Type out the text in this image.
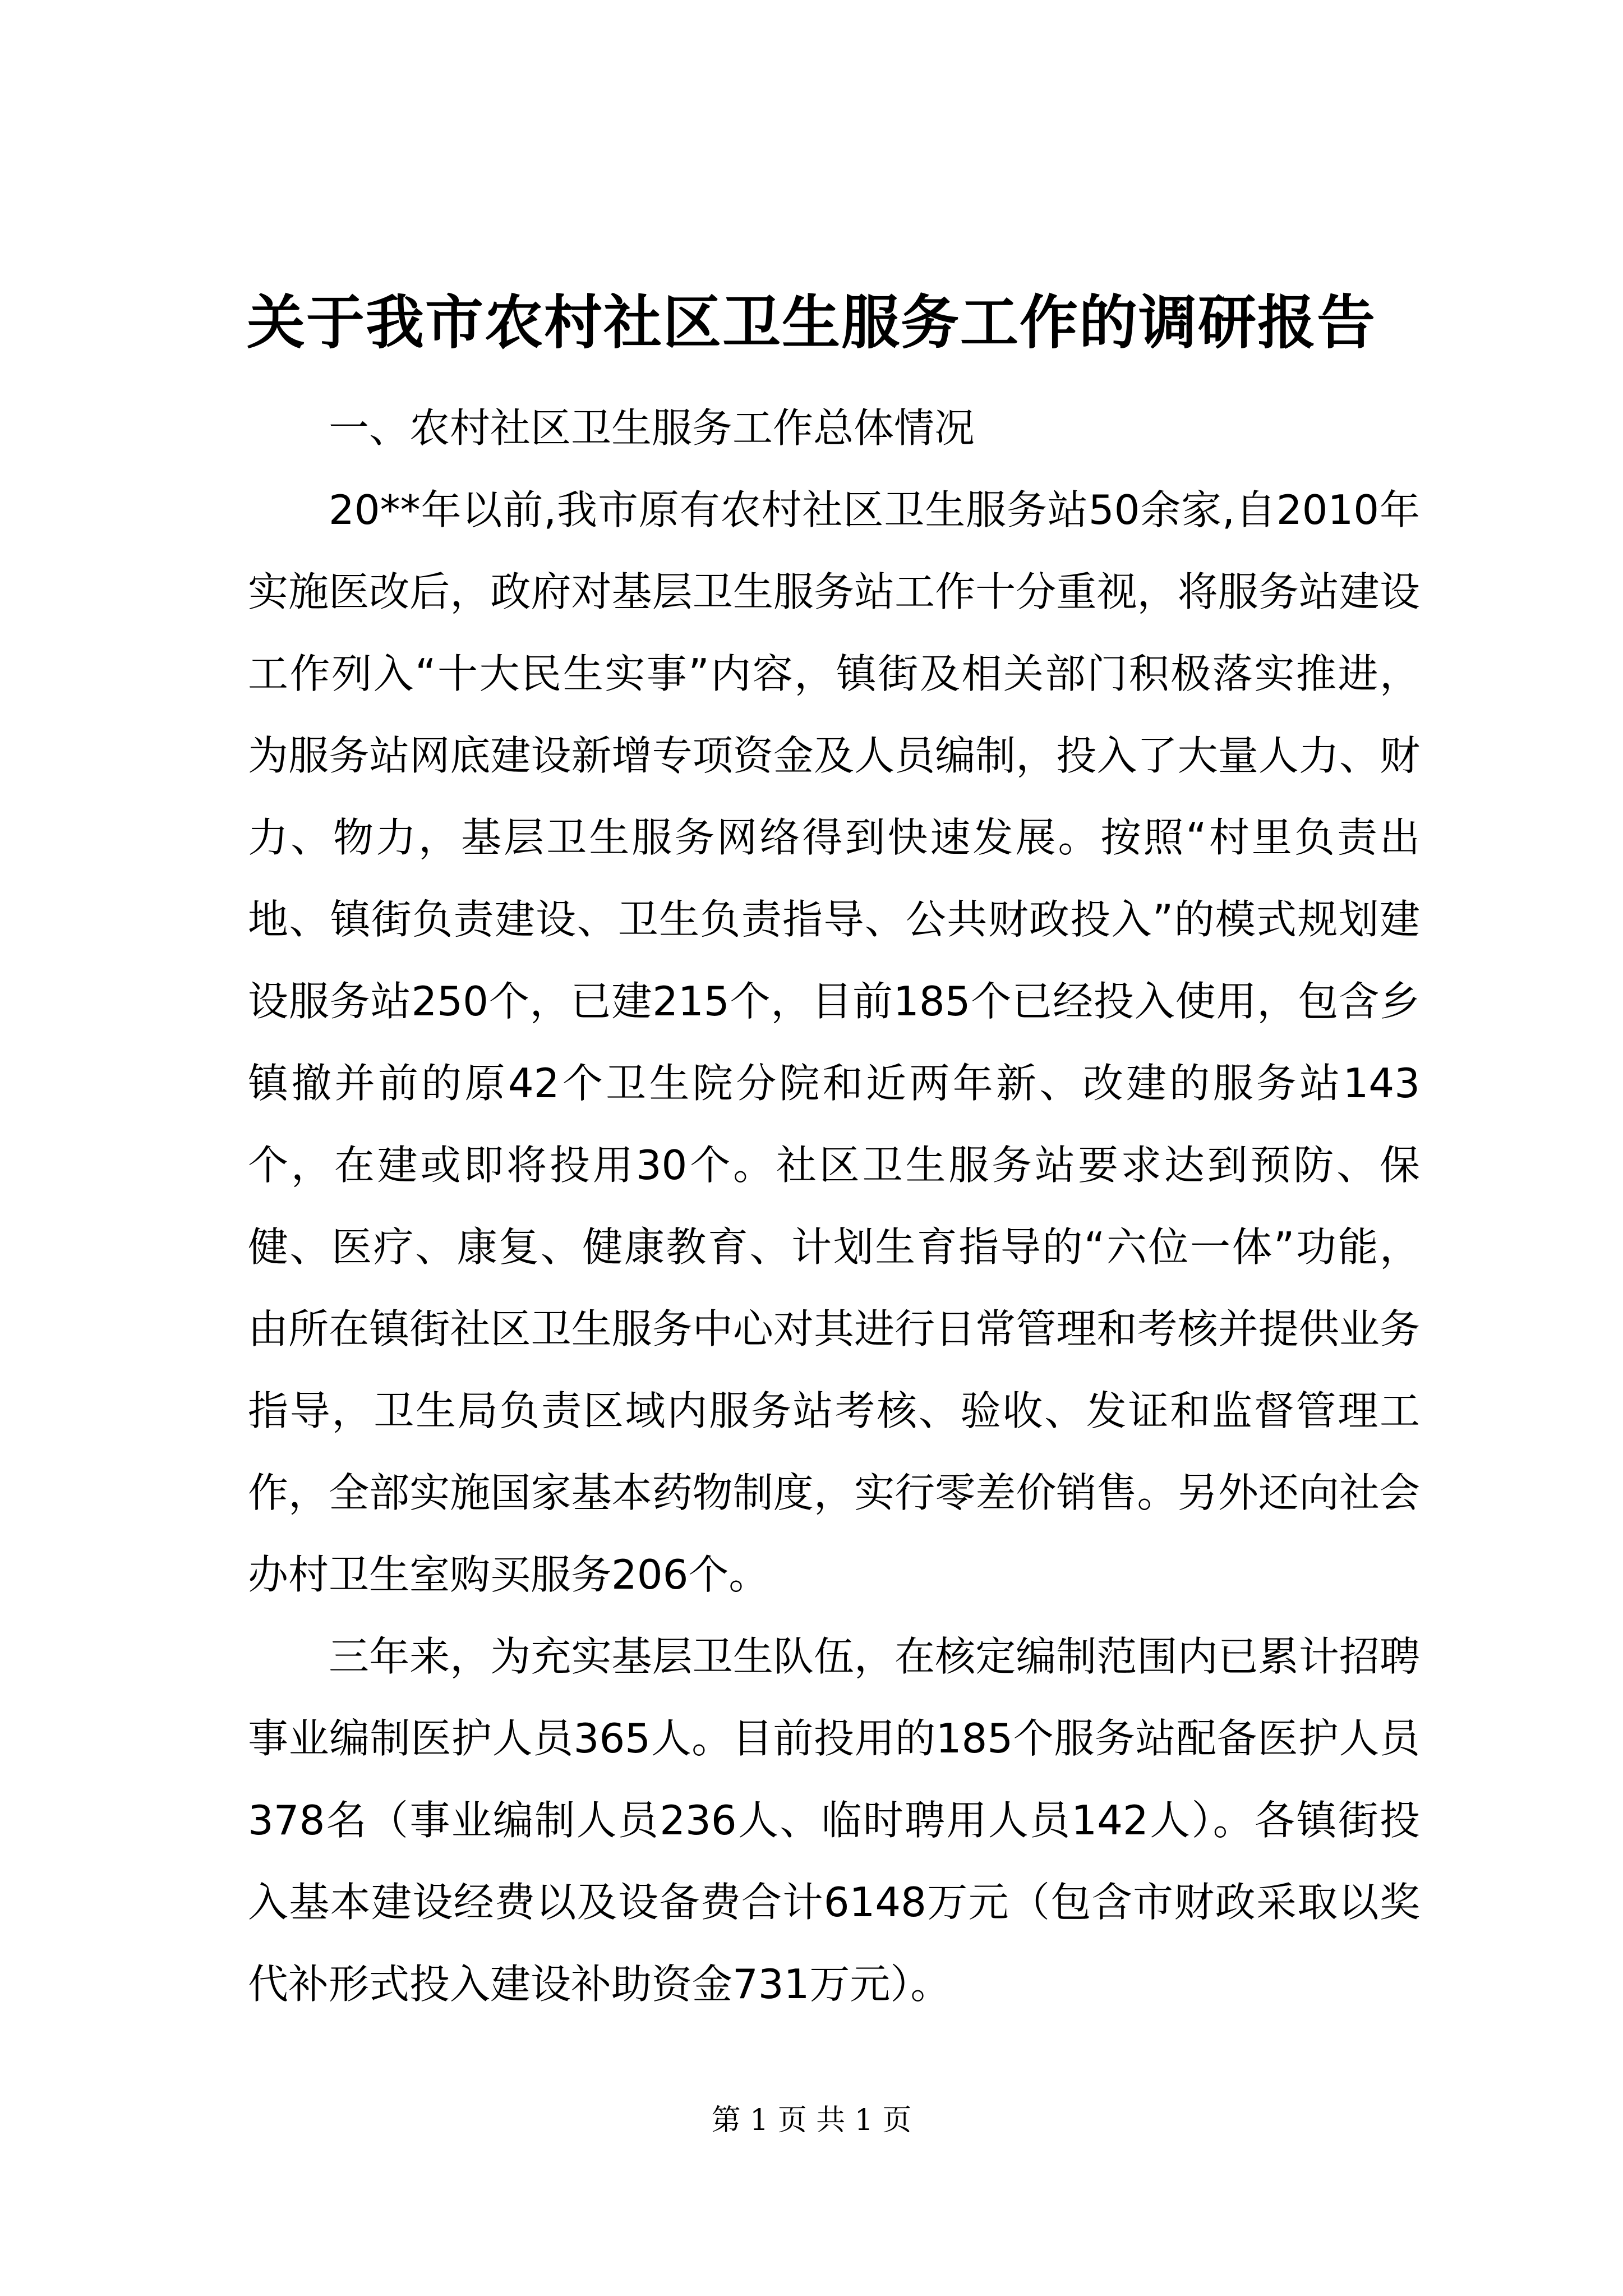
关于我市农村社区卫生服务工作的调研报告

一、农村社区卫生服务工作总体情况

20**年以前,我市原有农村社区卫生服务站50余家,自2010年实施医改后，政府对基层卫生服务站工作十分重视，将服务站建设工作列入“十大民生实事”内容，镇街及相关部门积极落实推进，为服务站网底建设新增专项资金及人员编制，投入了大量人力、财力、物力，基层卫生服务网络得到快速发展。按照“村里负责出地、镇街负责建设、卫生负责指导、公共财政投入”的模式规划建设服务站250个，已建215个，目前185个已经投入使用，包含乡镇撤并前的原42个卫生院分院和近两年新、改建的服务站143个，在建或即将投用30个。社区卫生服务站要求达到预防、保健、医疗、康复、健康教育、计划生育指导的“六位一体”功能，由所在镇街社区卫生服务中心对其进行日常管理和考核并提供业务指导，卫生局负责区域内服务站考核、验收、发证和监督管理工作，全部实施国家基本药物制度，实行零差价销售。另外还向社会办村卫生室购买服务206个。

三年来，为充实基层卫生队伍，在核定编制范围内已累计招聘事业编制医护人员365人。目前投用的185个服务站配备医护人员378名（事业编制人员236人、临时聘用人员142人）。各镇街投入基本建设经费以及设备费合计6148万元（包含市财政采取以奖代补形式投入建设补助资金731万元）。

第 1 页 共 1 页
